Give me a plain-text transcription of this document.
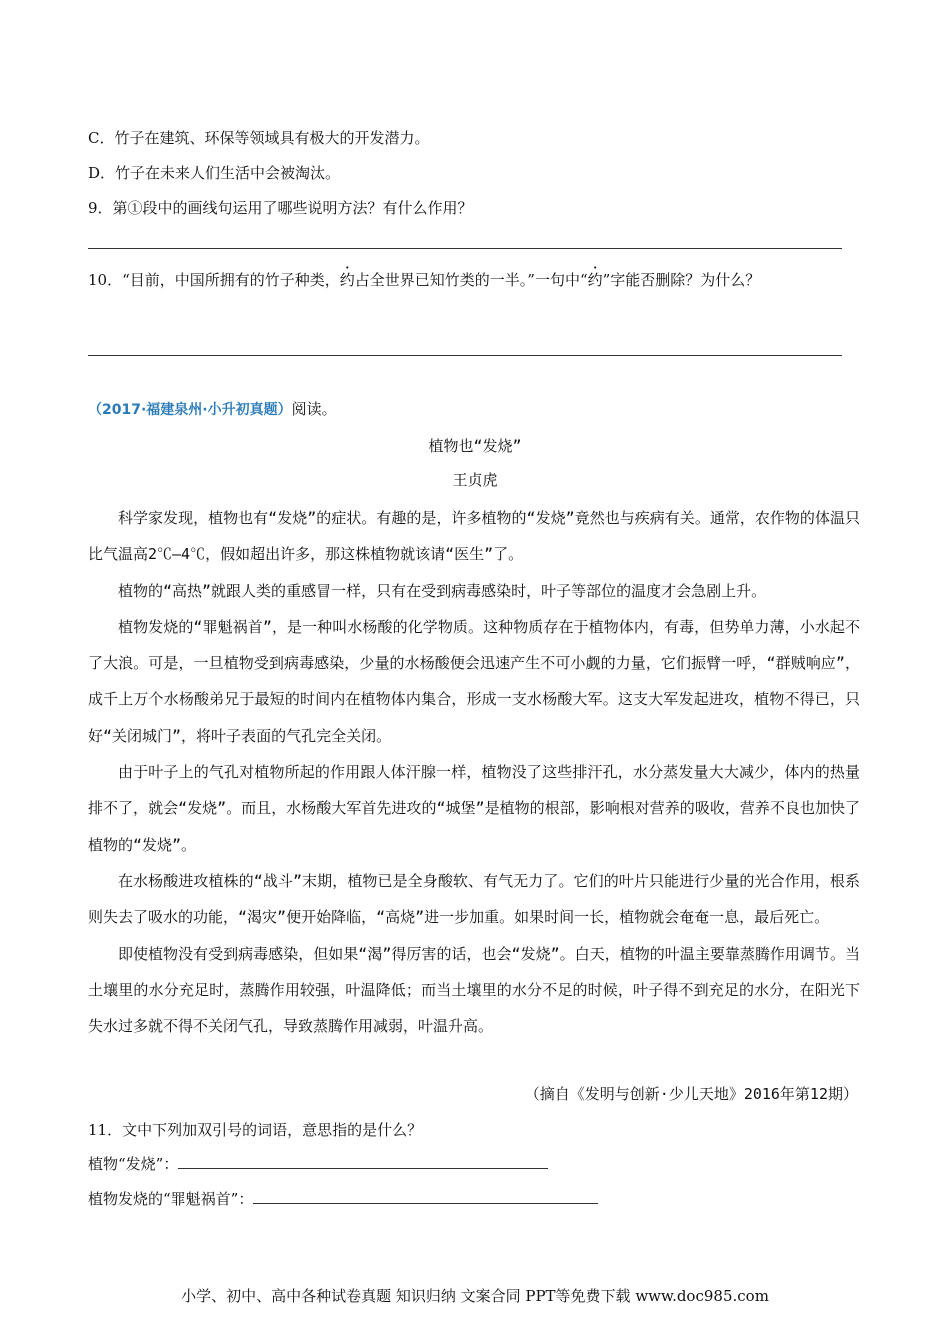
C．竹子在建筑、环保等领域具有极大的开发潜力。
D．竹子在未来人们生活中会被淘汰。
9．第①段中的画线句运用了哪些说明方法？有什么作用？
10．“目前，中国所拥有的竹子种类，约占全世界已知竹类的一半。”一句中“约”字能否删除？为什么？
（2017·福建泉州·小升初真题）阅读。
植物也“发烧”
王贞虎

科学家发现，植物也有“发烧”的症状。有趣的是，许多植物的“发烧”竟然也与疾病有关。通常，农作物的体温只比气温高2℃—4℃，假如超出许多，那这株植物就该请“医生”了。

植物的“高热”就跟人类的重感冒一样，只有在受到病毒感染时，叶子等部位的温度才会急剧上升。

植物发烧的“罪魁祸首”，是一种叫水杨酸的化学物质。这种物质存在于植物体内，有毒，但势单力薄，小水起不了大浪。可是，一旦植物受到病毒感染，少量的水杨酸便会迅速产生不可小觑的力量，它们振臂一呼，“群贼响应”，成千上万个水杨酸弟兄于最短的时间内在植物体内集合，形成一支水杨酸大军。这支大军发起进攻，植物不得已，只好“关闭城门”，将叶子表面的气孔完全关闭。

由于叶子上的气孔对植物所起的作用跟人体汗腺一样，植物没了这些排汗孔，水分蒸发量大大减少，体内的热量排不了，就会“发烧”。而且，水杨酸大军首先进攻的“城堡”是植物的根部，影响根对营养的吸收，营养不良也加快了植物的“发烧”。

在水杨酸进攻植株的“战斗”末期，植物已是全身酸软、有气无力了。它们的叶片只能进行少量的光合作用，根系则失去了吸水的功能，“渴灾”便开始降临，“高烧”进一步加重。如果时间一长，植物就会奄奄一息，最后死亡。

即使植物没有受到病毒感染，但如果“渴”得厉害的话，也会“发烧”。白天，植物的叶温主要靠蒸腾作用调节。当土壤里的水分充足时，蒸腾作用较强，叶温降低；而当土壤里的水分不足的时候，叶子得不到充足的水分，在阳光下失水过多就不得不关闭气孔，导致蒸腾作用减弱，叶温升高。

（摘自《发明与创新·少儿天地》2016年第12期）
11．文中下列加双引号的词语，意思指的是什么？
植物“发烧”：
植物发烧的“罪魁祸首”：
小学、初中、高中各种试卷真题 知识归纳 文案合同 PPT等免费下载 www.doc985.com
